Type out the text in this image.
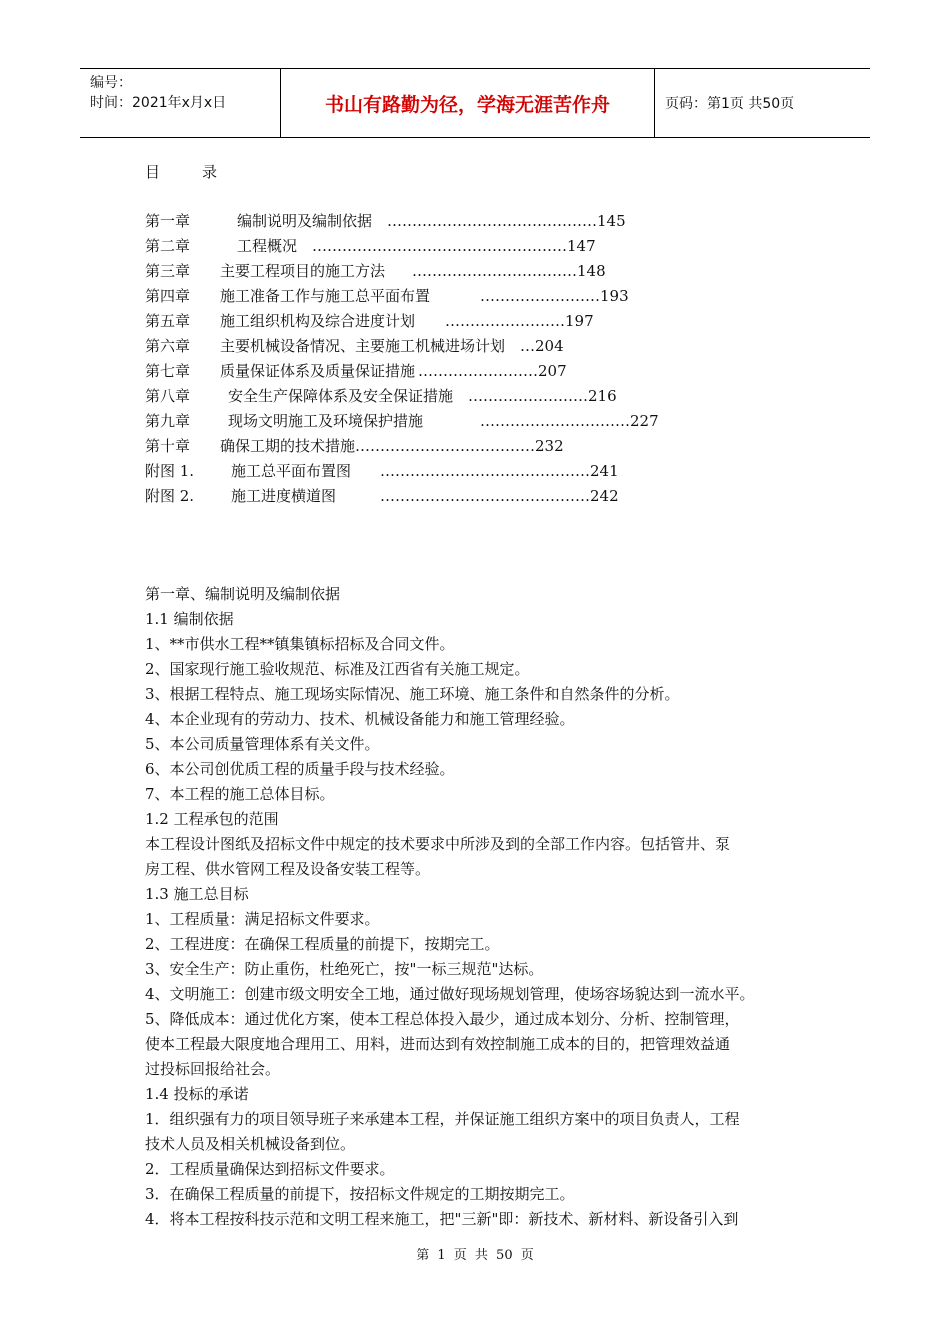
编号：
时间：2021年x月x日	书山有路勤为径，学海无涯苦作舟	页码：第1页 共50页
目	录
第一章	编制说明及编制依据 ……………………………………145
第二章	工程概况 ……………………………………………147
第三章 主要工程项目的施工方法 ……………………………148
第四章 施工准备工作与施工总平面布置	……………………193
第五章 施工组织机构及综合进度计划 ……………………197
第六章 主要机械设备情况、主要施工机械进场计划 …204
第七章 质量保证体系及质量保证措施 ……………………207
第八章	安全生产保障体系及安全保证措施 ……………………216
第九章	现场文明施工及环境保护措施	…………………………227
第十章 确保工期的技术措施 ………………………………232
附图 1. 施工总平面布置图 ……………………………………241
附图 2. 施工进度横道图	……………………………………242
第一章、编制说明及编制依据
1.1 编制依据
1、**市供水工程**镇集镇标招标及合同文件。
2、国家现行施工验收规范、标准及江西省有关施工规定。
3、根据工程特点、施工现场实际情况、施工环境、施工条件和自然条件的分析。
4、本企业现有的劳动力、技术、机械设备能力和施工管理经验。
5、本公司质量管理体系有关文件。
6、本公司创优质工程的质量手段与技术经验。
7、本工程的施工总体目标。
1.2 工程承包的范围
本工程设计图纸及招标文件中规定的技术要求中所涉及到的全部工作内容。包括管井、泵
房工程、供水管网工程及设备安装工程等。
1.3 施工总目标
1、工程质量：满足招标文件要求。
2、工程进度：在确保工程质量的前提下，按期完工。
3、安全生产：防止重伤，杜绝死亡，按"一标三规范"达标。
4、文明施工：创建市级文明安全工地，通过做好现场规划管理，使场容场貌达到一流水平。
5、降低成本：通过优化方案，使本工程总体投入最少，通过成本划分、分析、控制管理，
使本工程最大限度地合理用工、用料，进而达到有效控制施工成本的目的，把管理效益通
过投标回报给社会。
1.4 投标的承诺
1．组织强有力的项目领导班子来承建本工程，并保证施工组织方案中的项目负责人，工程
技术人员及相关机械设备到位。
2．工程质量确保达到招标文件要求。
3．在确保工程质量的前提下，按招标文件规定的工期按期完工。
4．将本工程按科技示范和文明工程来施工，把"三新"即：新技术、新材料、新设备引入到
第 1 页 共 50 页
